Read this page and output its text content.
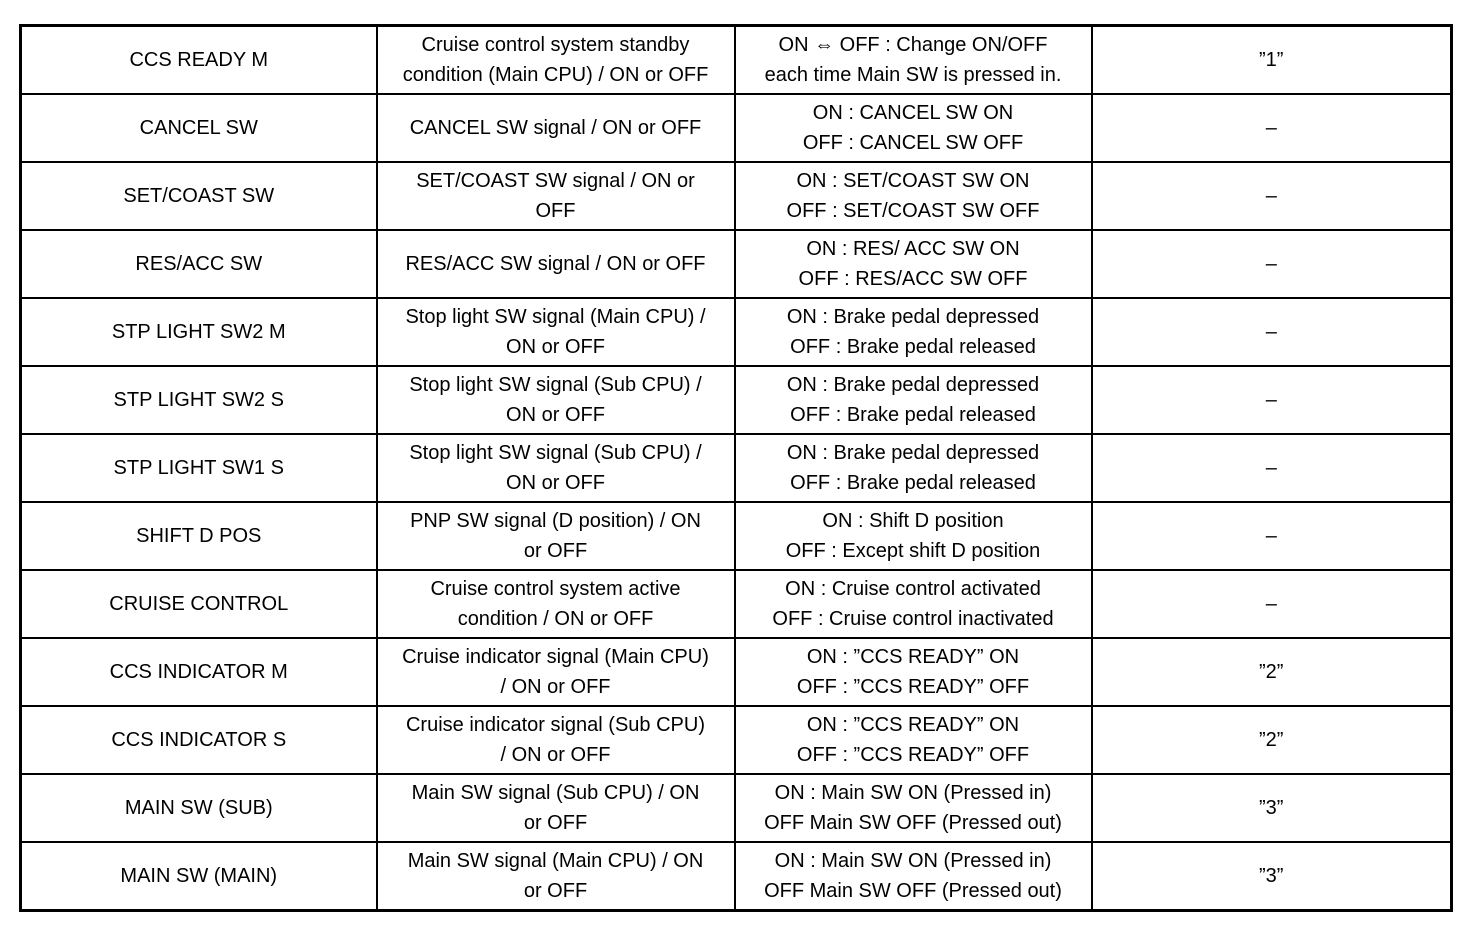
CCS READY M	Cruise control system standby
condition (Main CPU) / ON or OFF	ON ⇔ OFF : Change ON/OFF
each time Main SW is pressed in.	”1”
CANCEL SW	CANCEL SW signal / ON or OFF	ON : CANCEL SW ON
OFF : CANCEL SW OFF	–
SET/COAST SW	SET/COAST SW signal / ON or
OFF	ON : SET/COAST SW ON
OFF : SET/COAST SW OFF	–
RES/ACC SW	RES/ACC SW signal / ON or OFF	ON : RES/ ACC SW ON
OFF : RES/ACC SW OFF	–
STP LIGHT SW2 M	Stop light SW signal (Main CPU) /
ON or OFF	ON : Brake pedal depressed
OFF : Brake pedal released	–
STP LIGHT SW2 S	Stop light SW signal (Sub CPU) /
ON or OFF	ON : Brake pedal depressed
OFF : Brake pedal released	–
STP LIGHT SW1 S	Stop light SW signal (Sub CPU) /
ON or OFF	ON : Brake pedal depressed
OFF : Brake pedal released	–
SHIFT D POS	PNP SW signal (D position) / ON
or OFF	ON : Shift D position
OFF : Except shift D position	–
CRUISE CONTROL	Cruise control system active
condition / ON or OFF	ON : Cruise control activated
OFF : Cruise control inactivated	–
CCS INDICATOR M	Cruise indicator signal (Main CPU)
/ ON or OFF	ON : ”CCS READY” ON
OFF : ”CCS READY” OFF	”2”
CCS INDICATOR S	Cruise indicator signal (Sub CPU)
/ ON or OFF	ON : ”CCS READY” ON
OFF : ”CCS READY” OFF	”2”
MAIN SW (SUB)	Main SW signal (Sub CPU) / ON
or OFF	ON : Main SW ON (Pressed in)
OFF Main SW OFF (Pressed out)	”3”
MAIN SW (MAIN)	Main SW signal (Main CPU) / ON
or OFF	ON : Main SW ON (Pressed in)
OFF Main SW OFF (Pressed out)	”3”
